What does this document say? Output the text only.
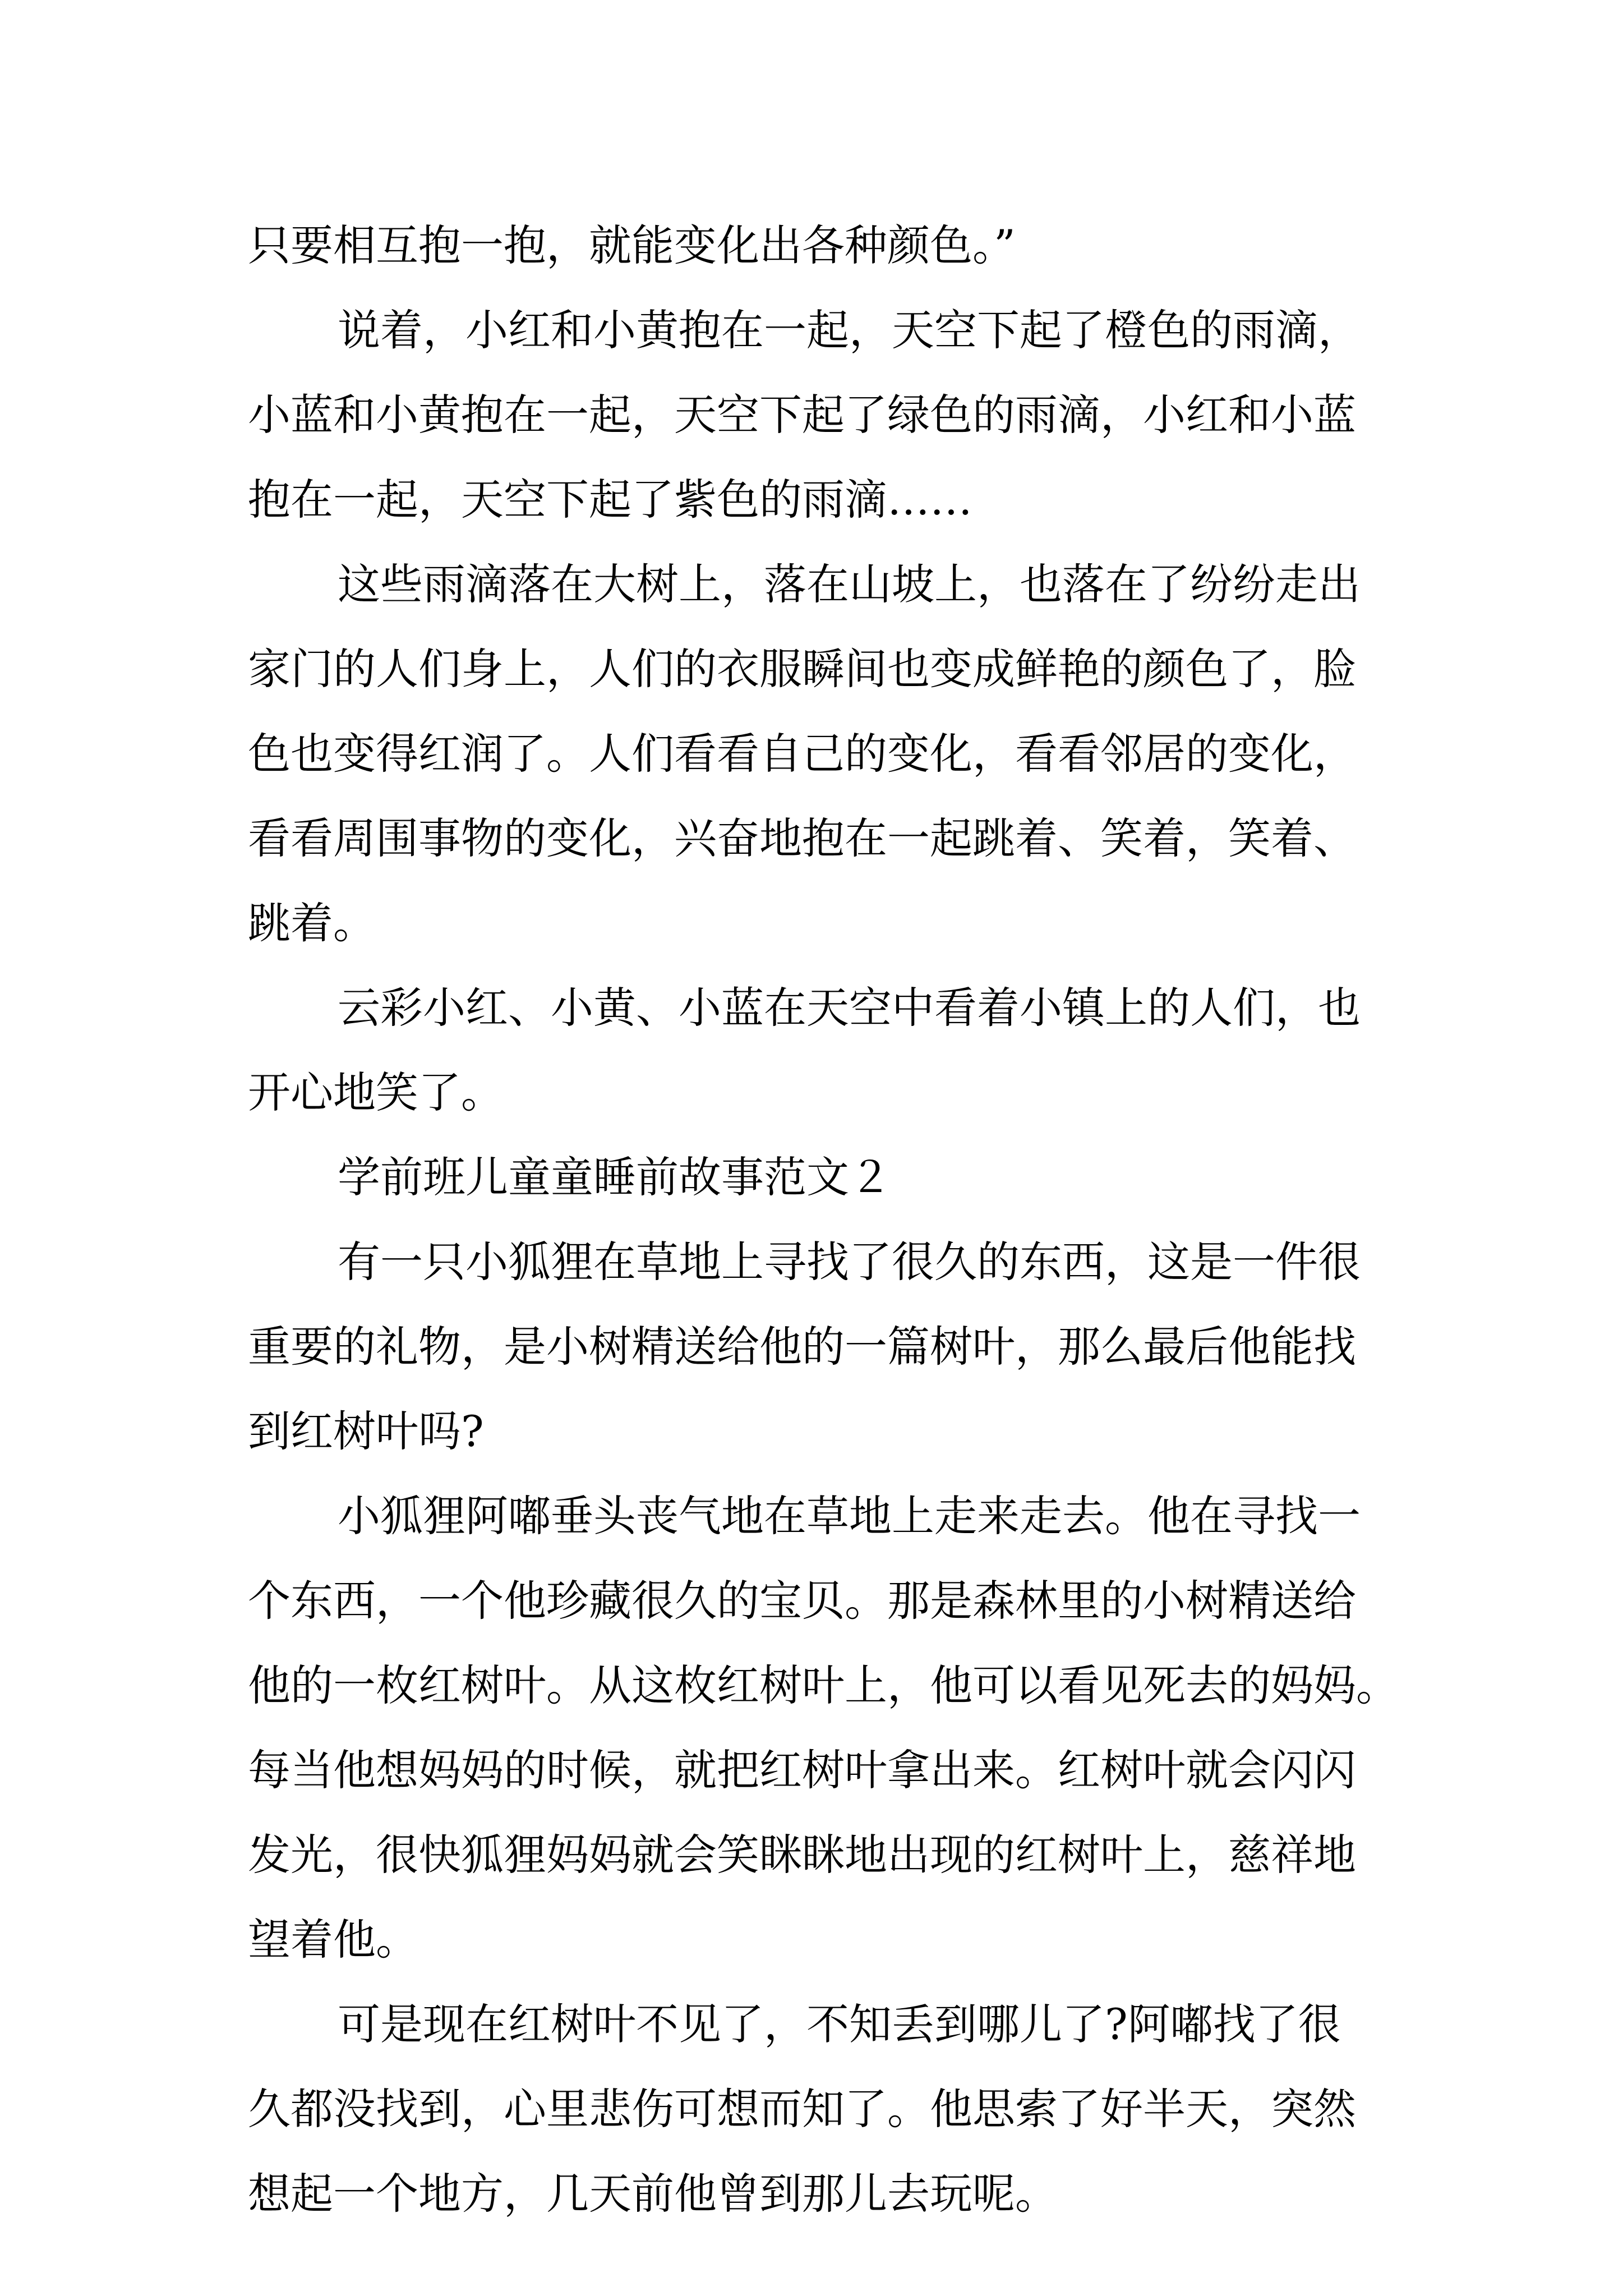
只要相互抱一抱，就能变化出各种颜色。”
说着，小红和小黄抱在一起，天空下起了橙色的雨滴，
小蓝和小黄抱在一起，天空下起了绿色的雨滴，小红和小蓝
抱在一起，天空下起了紫色的雨滴……
这些雨滴落在大树上，落在山坡上，也落在了纷纷走出
家门的人们身上，人们的衣服瞬间也变成鲜艳的颜色了，脸
色也变得红润了。人们看看自己的变化，看看邻居的变化，
看看周围事物的变化，兴奋地抱在一起跳着、笑着，笑着、
跳着。
云彩小红、小黄、小蓝在天空中看着小镇上的人们，也
开心地笑了。
学前班儿童童睡前故事范文２
有一只小狐狸在草地上寻找了很久的东西，这是一件很
重要的礼物，是小树精送给他的一篇树叶，那么最后他能找
到红树叶吗?
小狐狸阿嘟垂头丧气地在草地上走来走去。他在寻找一
个东西，一个他珍藏很久的宝贝。那是森林里的小树精送给
他的一枚红树叶。从这枚红树叶上，他可以看见死去的妈妈。
每当他想妈妈的时候，就把红树叶拿出来。红树叶就会闪闪
发光，很快狐狸妈妈就会笑眯眯地出现的红树叶上，慈祥地
望着他。
可是现在红树叶不见了，不知丢到哪儿了?阿嘟找了很
久都没找到，心里悲伤可想而知了。他思索了好半天，突然
想起一个地方，几天前他曾到那儿去玩呢。
